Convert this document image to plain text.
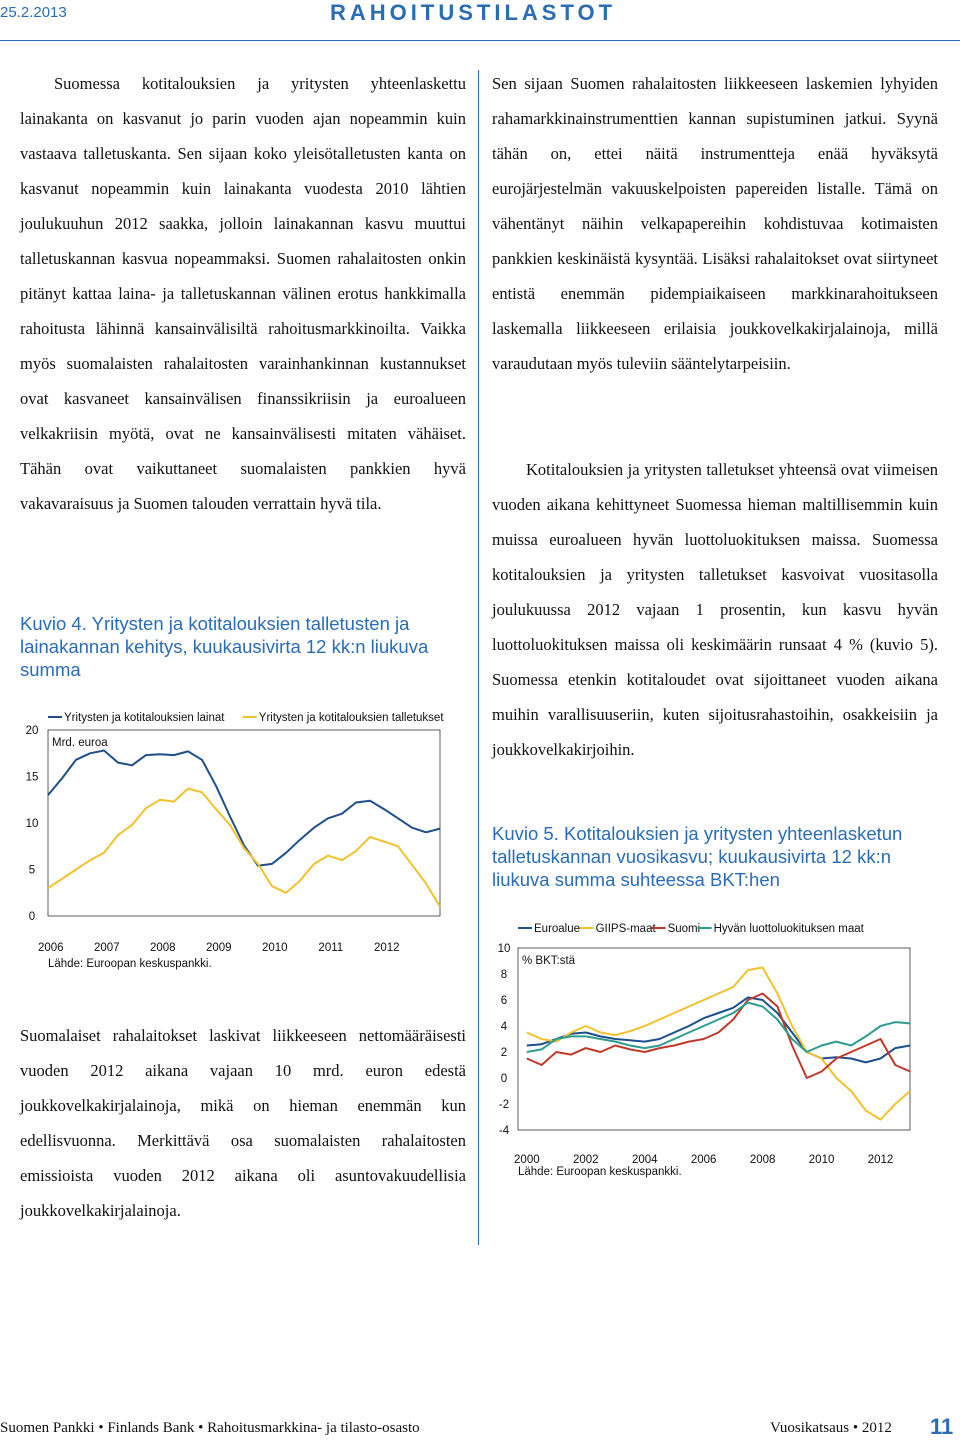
25.2.2013	RAHOITUSTILASTOT

Suomessa kotitalouksien ja yritysten yhteenlaskettu lainakanta on kasvanut jo parin vuoden ajan nopeammin kuin vastaava talletuskanta. Sen sijaan koko yleisötalletusten kanta on kasvanut nopeammin kuin lainakanta vuodesta 2010 lähtien joulukuuhun 2012 saakka, jolloin lainakannan kasvu muuttui talletuskannan kasvua nopeammaksi. Suomen rahalaitosten onkin pitänyt kattaa laina- ja talletuskannan välinen erotus hankkimalla rahoitusta lähinnä kansainvälisiltä rahoitusmarkkinoilta. Vaikka myös suomalaisten rahalaitosten varainhankinnan kustannukset ovat kasvaneet kansainvälisen finanssikriisin ja euroalueen velkakriisin myötä, ovat ne kansainvälisesti mitaten vähäiset. Tähän ovat vaikuttaneet suomalaisten pankkien hyvä vakavaraisuus ja Suomen talouden verrattain hyvä tila.

Kuvio 4. Yritysten ja kotitalouksien talletusten ja lainakannan kehitys, kuukausivirta 12 kk:n liukuva summa
0
5
10
15
20
2006	2007	2008	2009	2010	2011	2012
Mrd. euroa
Yritysten ja kotitalouksien lainat	Yritysten ja kotitalouksien talletukset
Lähde: Euroopan keskuspankki.

Suomalaiset rahalaitokset laskivat liikkeeseen nettomääräisesti vuoden 2012 aikana vajaan 10 mrd. euron edestä joukkovelkakirjalainoja, mikä on hieman enemmän kun edellisvuonna. Merkittävä osa suomalaisten rahalaitosten emissioista vuoden 2012 aikana oli asuntovakuudellisia joukkovelkakirjalainoja.

Sen sijaan Suomen rahalaitosten liikkeeseen laskemien lyhyiden rahamarkkinainstrumenttien kannan supistuminen jatkui. Syynä tähän on, ettei näitä instrumentteja enää hyväksytä eurojärjestelmän vakuuskelpoisten papereiden listalle. Tämä on vähentänyt näihin velkapapereihin kohdistuvaa kotimaisten pankkien keskinäistä kysyntää. Lisäksi rahalaitokset ovat siirtyneet entistä enemmän pidempiaikaiseen markkinarahoitukseen laskemalla liikkeeseen erilaisia joukkovelkakirjalainoja, millä varaudutaan myös tuleviin sääntelytarpeisiin.

Kotitalouksien ja yritysten talletukset yhteensä ovat viimeisen vuoden aikana kehittyneet Suomessa hieman maltillisemmin kuin muissa euroalueen hyvän luottoluokituksen maissa. Suomessa kotitalouksien ja yritysten talletukset kasvoivat vuositasolla joulukuussa 2012 vajaan 1 prosentin, kun kasvu hyvän luottoluokituksen maissa oli keskimäärin runsaat 4 % (kuvio 5). Suomessa etenkin kotitaloudet ovat sijoittaneet vuoden aikana muihin varallisuuseriin, kuten sijoitusrahastoihin, osakkeisiin ja joukkovelkakirjoihin.

Kuvio 5. Kotitalouksien ja yritysten yhteenlasketun talletuskannan vuosikasvu; kuukausivirta 12 kk:n liukuva summa suhteessa BKT:hen
-4
-2
0
2
4
6
8
10
2000	2002	2004	2006	2008	2010	2012
% BKT:stä
Euroalue GIIPS-maat Suomi Hyvän luottoluokituksen maat
Lähde: Euroopan keskuspankki.
Suomen Pankki • Finlands Bank • Rahoitusmarkkina- ja tilasto-osasto	Vuosikatsaus • 2012 11
